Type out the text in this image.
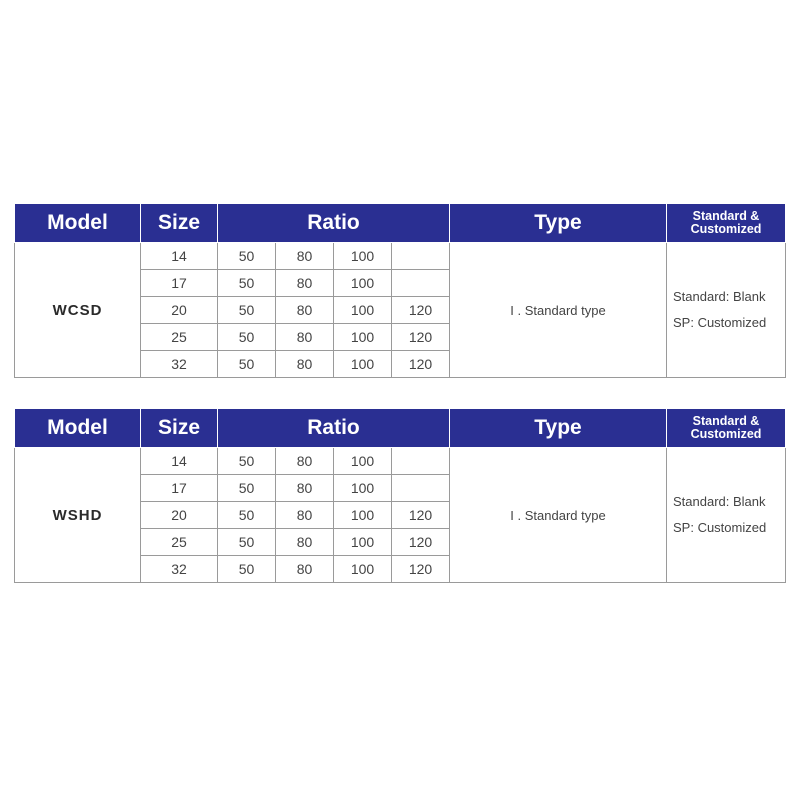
Model	Size	Ratio				Type	Standard &
Customized

WCSD	14	50	80	100		I . Standard type	Standard: Blank
SP: Customized

	17	50	80	100			
	20	50	80	100	120		
	25	50	80	100	120		
	32	50	80	100	120		
Model	Size	Ratio				Type	Standard &
Customized

WSHD	14	50	80	100		I . Standard type	Standard: Blank
SP: Customized

	17	50	80	100			
	20	50	80	100	120		
	25	50	80	100	120		
	32	50	80	100	120		
